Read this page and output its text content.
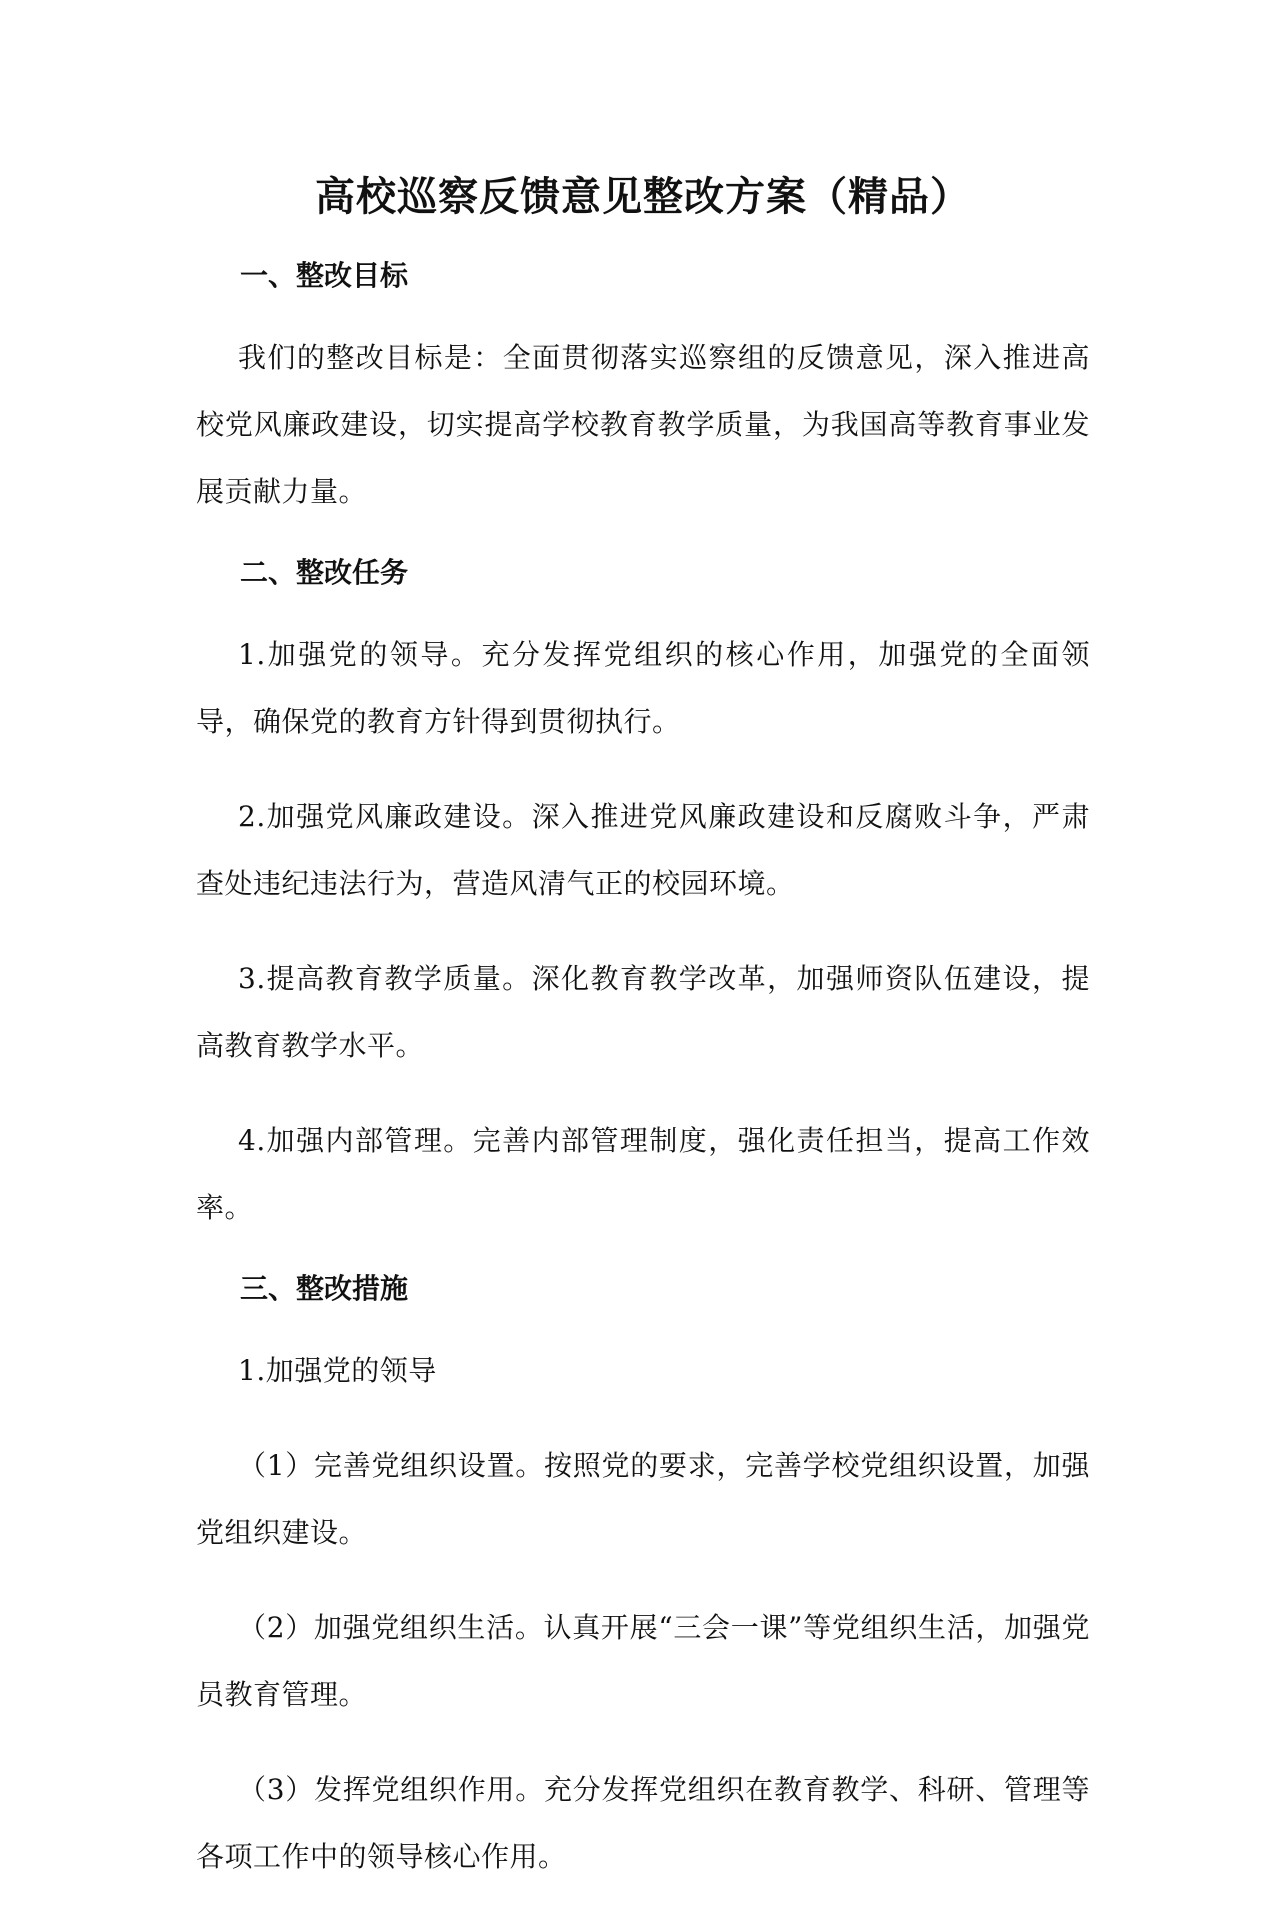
高校巡察反馈意见整改方案（精品）
一、整改目标

我们的整改目标是：全面贯彻落实巡察组的反馈意见，深入推进高校党风廉政建设，切实提高学校教育教学质量，为我国高等教育事业发展贡献力量。

二、整改任务

1.加强党的领导。充分发挥党组织的核心作用，加强党的全面领导，确保党的教育方针得到贯彻执行。

2.加强党风廉政建设。深入推进党风廉政建设和反腐败斗争，严肃查处违纪违法行为，营造风清气正的校园环境。

3.提高教育教学质量。深化教育教学改革，加强师资队伍建设，提高教育教学水平。

4.加强内部管理。完善内部管理制度，强化责任担当，提高工作效率。

三、整改措施

1.加强党的领导

（1）完善党组织设置。按照党的要求，完善学校党组织设置，加强党组织建设。

（2）加强党组织生活。认真开展“三会一课”等党组织生活，加强党员教育管理。

（3）发挥党组织作用。充分发挥党组织在教育教学、科研、管理等各项工作中的领导核心作用。
